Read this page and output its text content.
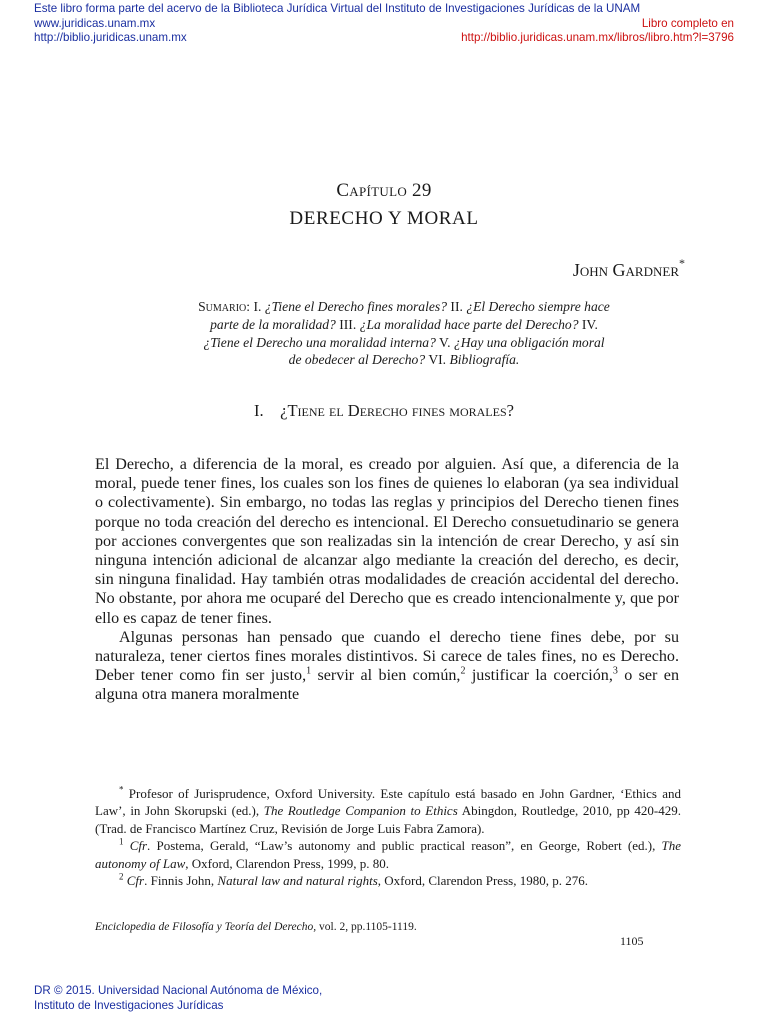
Este libro forma parte del acervo de la Biblioteca Jurídica Virtual del Instituto de Investigaciones Jurídicas de la UNAM
www.juridicas.unam.mx	Libro completo en
http://biblio.juridicas.unam.mx	http://biblio.juridicas.unam.mx/libros/libro.htm?l=3796
Capítulo 29
DERECHO Y MORAL
John Gardner*
Sumario: I. ¿Tiene el Derecho fines morales? II. ¿El Derecho siempre hace parte de la moralidad? III. ¿La moralidad hace parte del Derecho? IV. ¿Tiene el Derecho una moralidad interna? V. ¿Hay una obligación moral de obedecer al Derecho? VI. Bibliografía.
I. ¿Tiene el Derecho fines morales?

El Derecho, a diferencia de la moral, es creado por alguien. Así que, a diferencia de la moral, puede tener fines, los cuales son los fines de quienes lo elaboran (ya sea individual o colectivamente). Sin embargo, no todas las reglas y principios del Derecho tienen fines porque no toda creación del derecho es intencional. El Derecho consuetudinario se genera por acciones convergentes que son realizadas sin la intención de crear Derecho, y así sin ninguna intención adicional de alcanzar algo mediante la creación del derecho, es decir, sin ninguna finalidad. Hay también otras modalidades de creación accidental del derecho. No obstante, por ahora me ocuparé del Derecho que es creado intencionalmente y, que por ello es capaz de tener fines.

Algunas personas han pensado que cuando el derecho tiene fines debe, por su naturaleza, tener ciertos fines morales distintivos. Si carece de tales fines, no es Derecho. Deber tener como fin ser justo,$^1$ servir al bien común,$^2$ justificar la coerción,$^3$ o ser en alguna otra manera moralmente

* Profesor of Jurisprudence, Oxford University. Este capítulo está basado en John Gardner, ‘Ethics and Law’, in John Skorupski (ed.), The Routledge Companion to Ethics Abingdon, Routledge, 2010, pp 420-429. (Trad. de Francisco Martínez Cruz, Revisión de Jorge Luis Fabra Zamora).

$^1$ Cfr. Postema, Gerald, “Law’s autonomy and public practical reason”, en George, Robert (ed.), The autonomy of Law, Oxford, Clarendon Press, 1999, p. 80.

$^2$ Cfr. Finnis John, Natural law and natural rights, Oxford, Clarendon Press, 1980, p. 276.

Enciclopedia de Filosofía y Teoría del Derecho, vol. 2, pp.1105-1119.
1105
DR © 2015. Universidad Nacional Autónoma de México,
Instituto de Investigaciones Jurídicas
